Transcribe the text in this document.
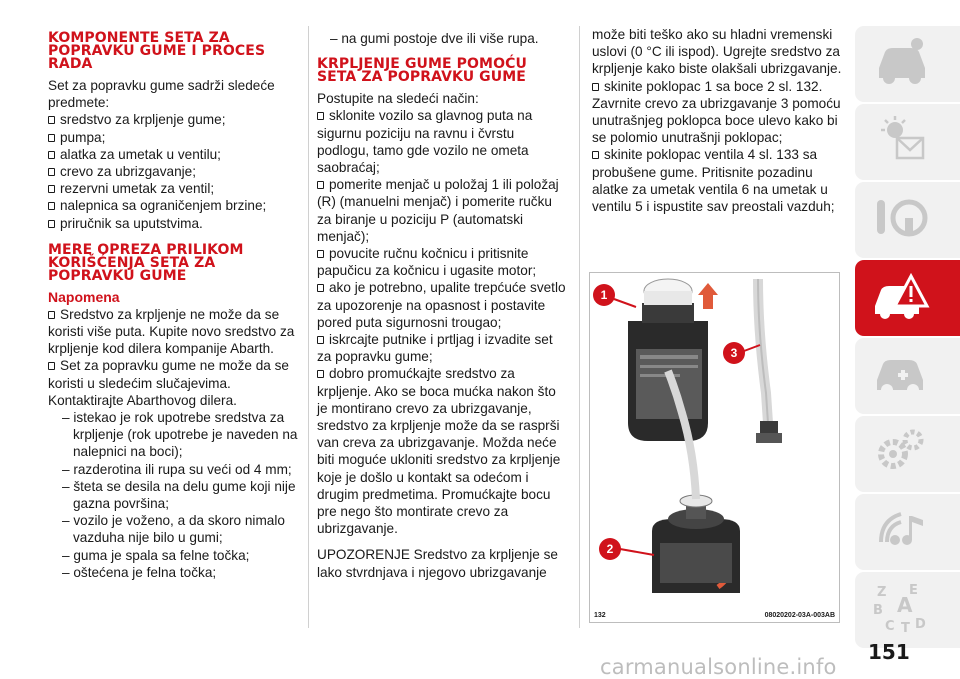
KOMPONENTE SETA ZA POPRAVKU GUME I PROCES RADA

Set za popravku gume sadrži sledeće predmete:

sredstvo za krpljenje gume;

pumpa;

alatka za umetak u ventilu;

crevo za ubrizgavanje;

rezervni umetak za ventil;

nalepnica sa ograničenjem brzine;

priručnik sa uputstvima.

MERE OPREZA PRILIKOM KORIŠĆENJA SETA ZA POPRAVKU GUME
Napomena

Sredstvo za krpljenje ne može da se koristi više puta. Kupite novo sredstvo za krpljenje kod dilera kompanije Abarth.

Set za popravku gume ne može da se koristi u sledećim slučajevima. Kontaktirajte Abarthovog dilera.

– istekao je rok upotrebe sredstva za krpljenje (rok upotrebe je naveden na nalepnici na boci);

– razderotina ili rupa su veći od 4 mm;

– šteta se desila na delu gume koji nije gazna površina;

– vozilo je voženo, a da skoro nimalo vazduha nije bilo u gumi;

– guma je spala sa felne točka;

– oštećena je felna točka;

– na gumi postoje dve ili više rupa.

KRPLJENJE GUME POMOĆU SETA ZA POPRAVKU GUME

Postupite na sledeći način:

sklonite vozilo sa glavnog puta na sigurnu poziciju na ravnu i čvrstu podlogu, tamo gde vozilo ne ometa saobraćaj;

pomerite menjač u položaj 1 ili položaj (R) (manuelni menjač) i pomerite ručku za biranje u poziciju P (automatski menjač);

povucite ručnu kočnicu i pritisnite papučicu za kočnicu i ugasite motor;

ako je potrebno, upalite trepćuće svetlo za upozorenje na opasnost i postavite pored puta sigurnosni trougao;

iskrcajte putnike i prtljag i izvadite set za popravku gume;

dobro promućkajte sredstvo za krpljenje. Ako se boca mućka nakon što je montirano crevo za ubrizgavanje, sredstvo za krpljenje može da se rasprši van creva za ubrizgavanje. Možda neće biti moguće ukloniti sredstvo za krpljenje koje je došlo u kontakt sa odećom i drugim predmetima. Promućkajte bocu pre nego što montirate crevo za ubrizgavanje.

UPOZORENJE Sredstvo za krpljenje se lako stvrdnjava i njegovo ubrizgavanje

može biti teško ako su hladni vremenski uslovi (0 °C ili ispod). Ugrejte sredstvo za krpljenje kako biste olakšali ubrizgavanje.

skinite poklopac 1 sa boce 2 sl. 132. Zavrnite crevo za ubrizgavanje 3 pomoću unutrašnjeg poklopca boce ulevo kako bi se polomio unutrašnji poklopac;

skinite poklopac ventila 4 sl. 133 sa probušene gume. Pritisnite pozadinu alatke za umetak ventila 6 na umetak u ventilu 5 i ispustite sav preostali vazduh;

1
3
2
132	08020202-03A-003AB
Z E
B A
C T D
151
carmanualsonline.info
